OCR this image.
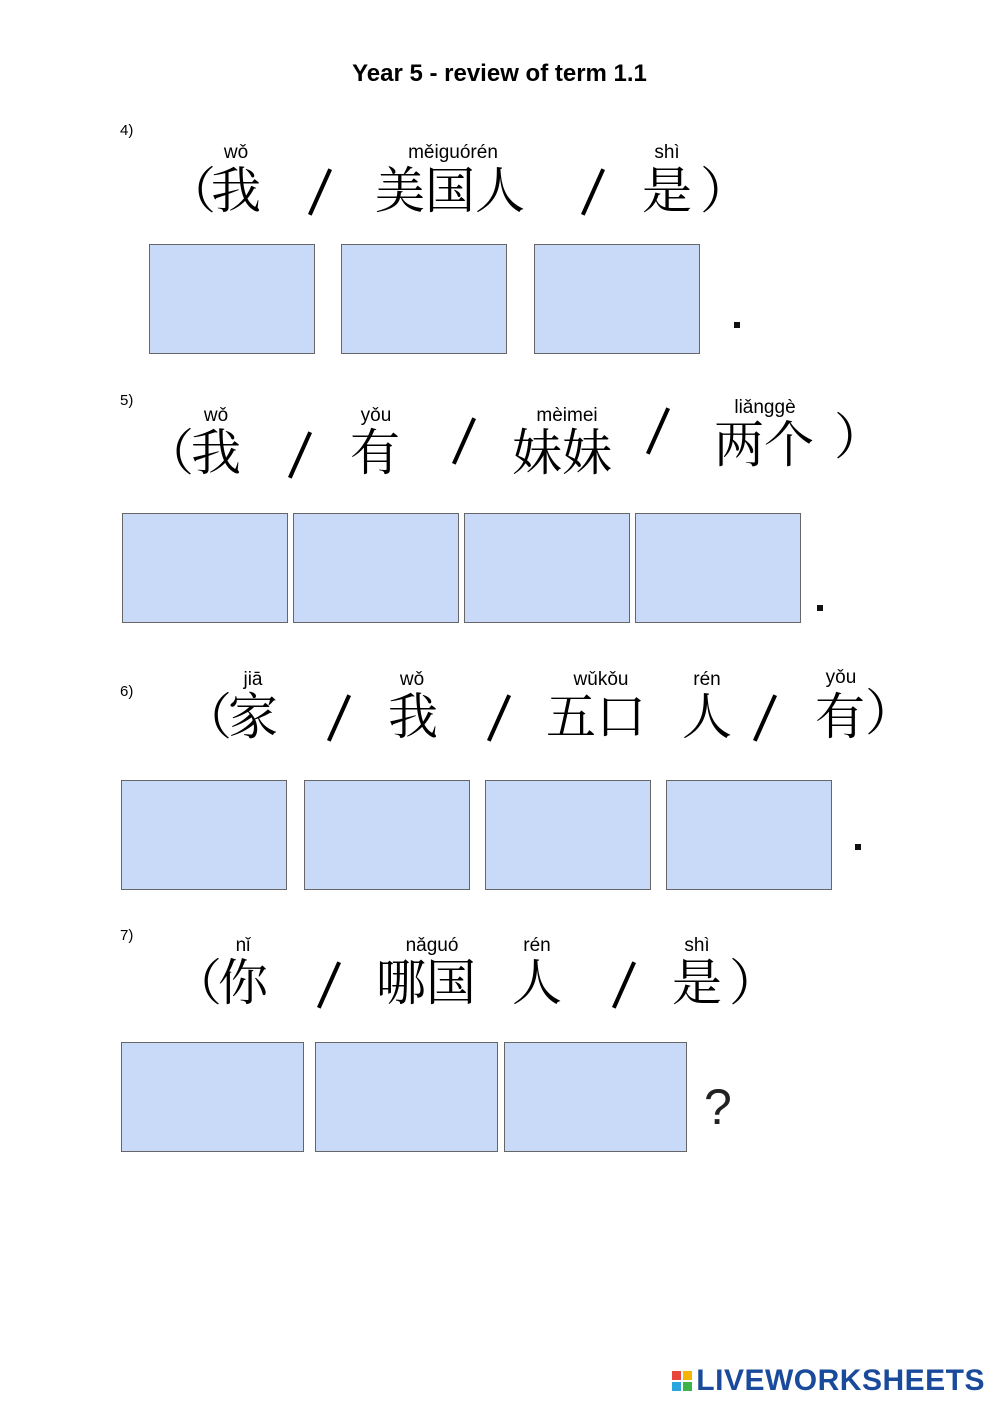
Year 5 - review of term 1.1
4)
wǒ	měiguórén	shì
（
我 美国人 是 ）
5)
wǒ	yǒu	mèimei	liǎnggè
（
我 有 妹妹 两个 ）
6)
jiā	wǒ	wǔkǒu	rén	yǒu
（
家 我 五口 人 有 ）
7)	nǐ	nǎguó	rén	shì
（
你 哪国 人 是 ）
?
LIVEWORKSHEETS
